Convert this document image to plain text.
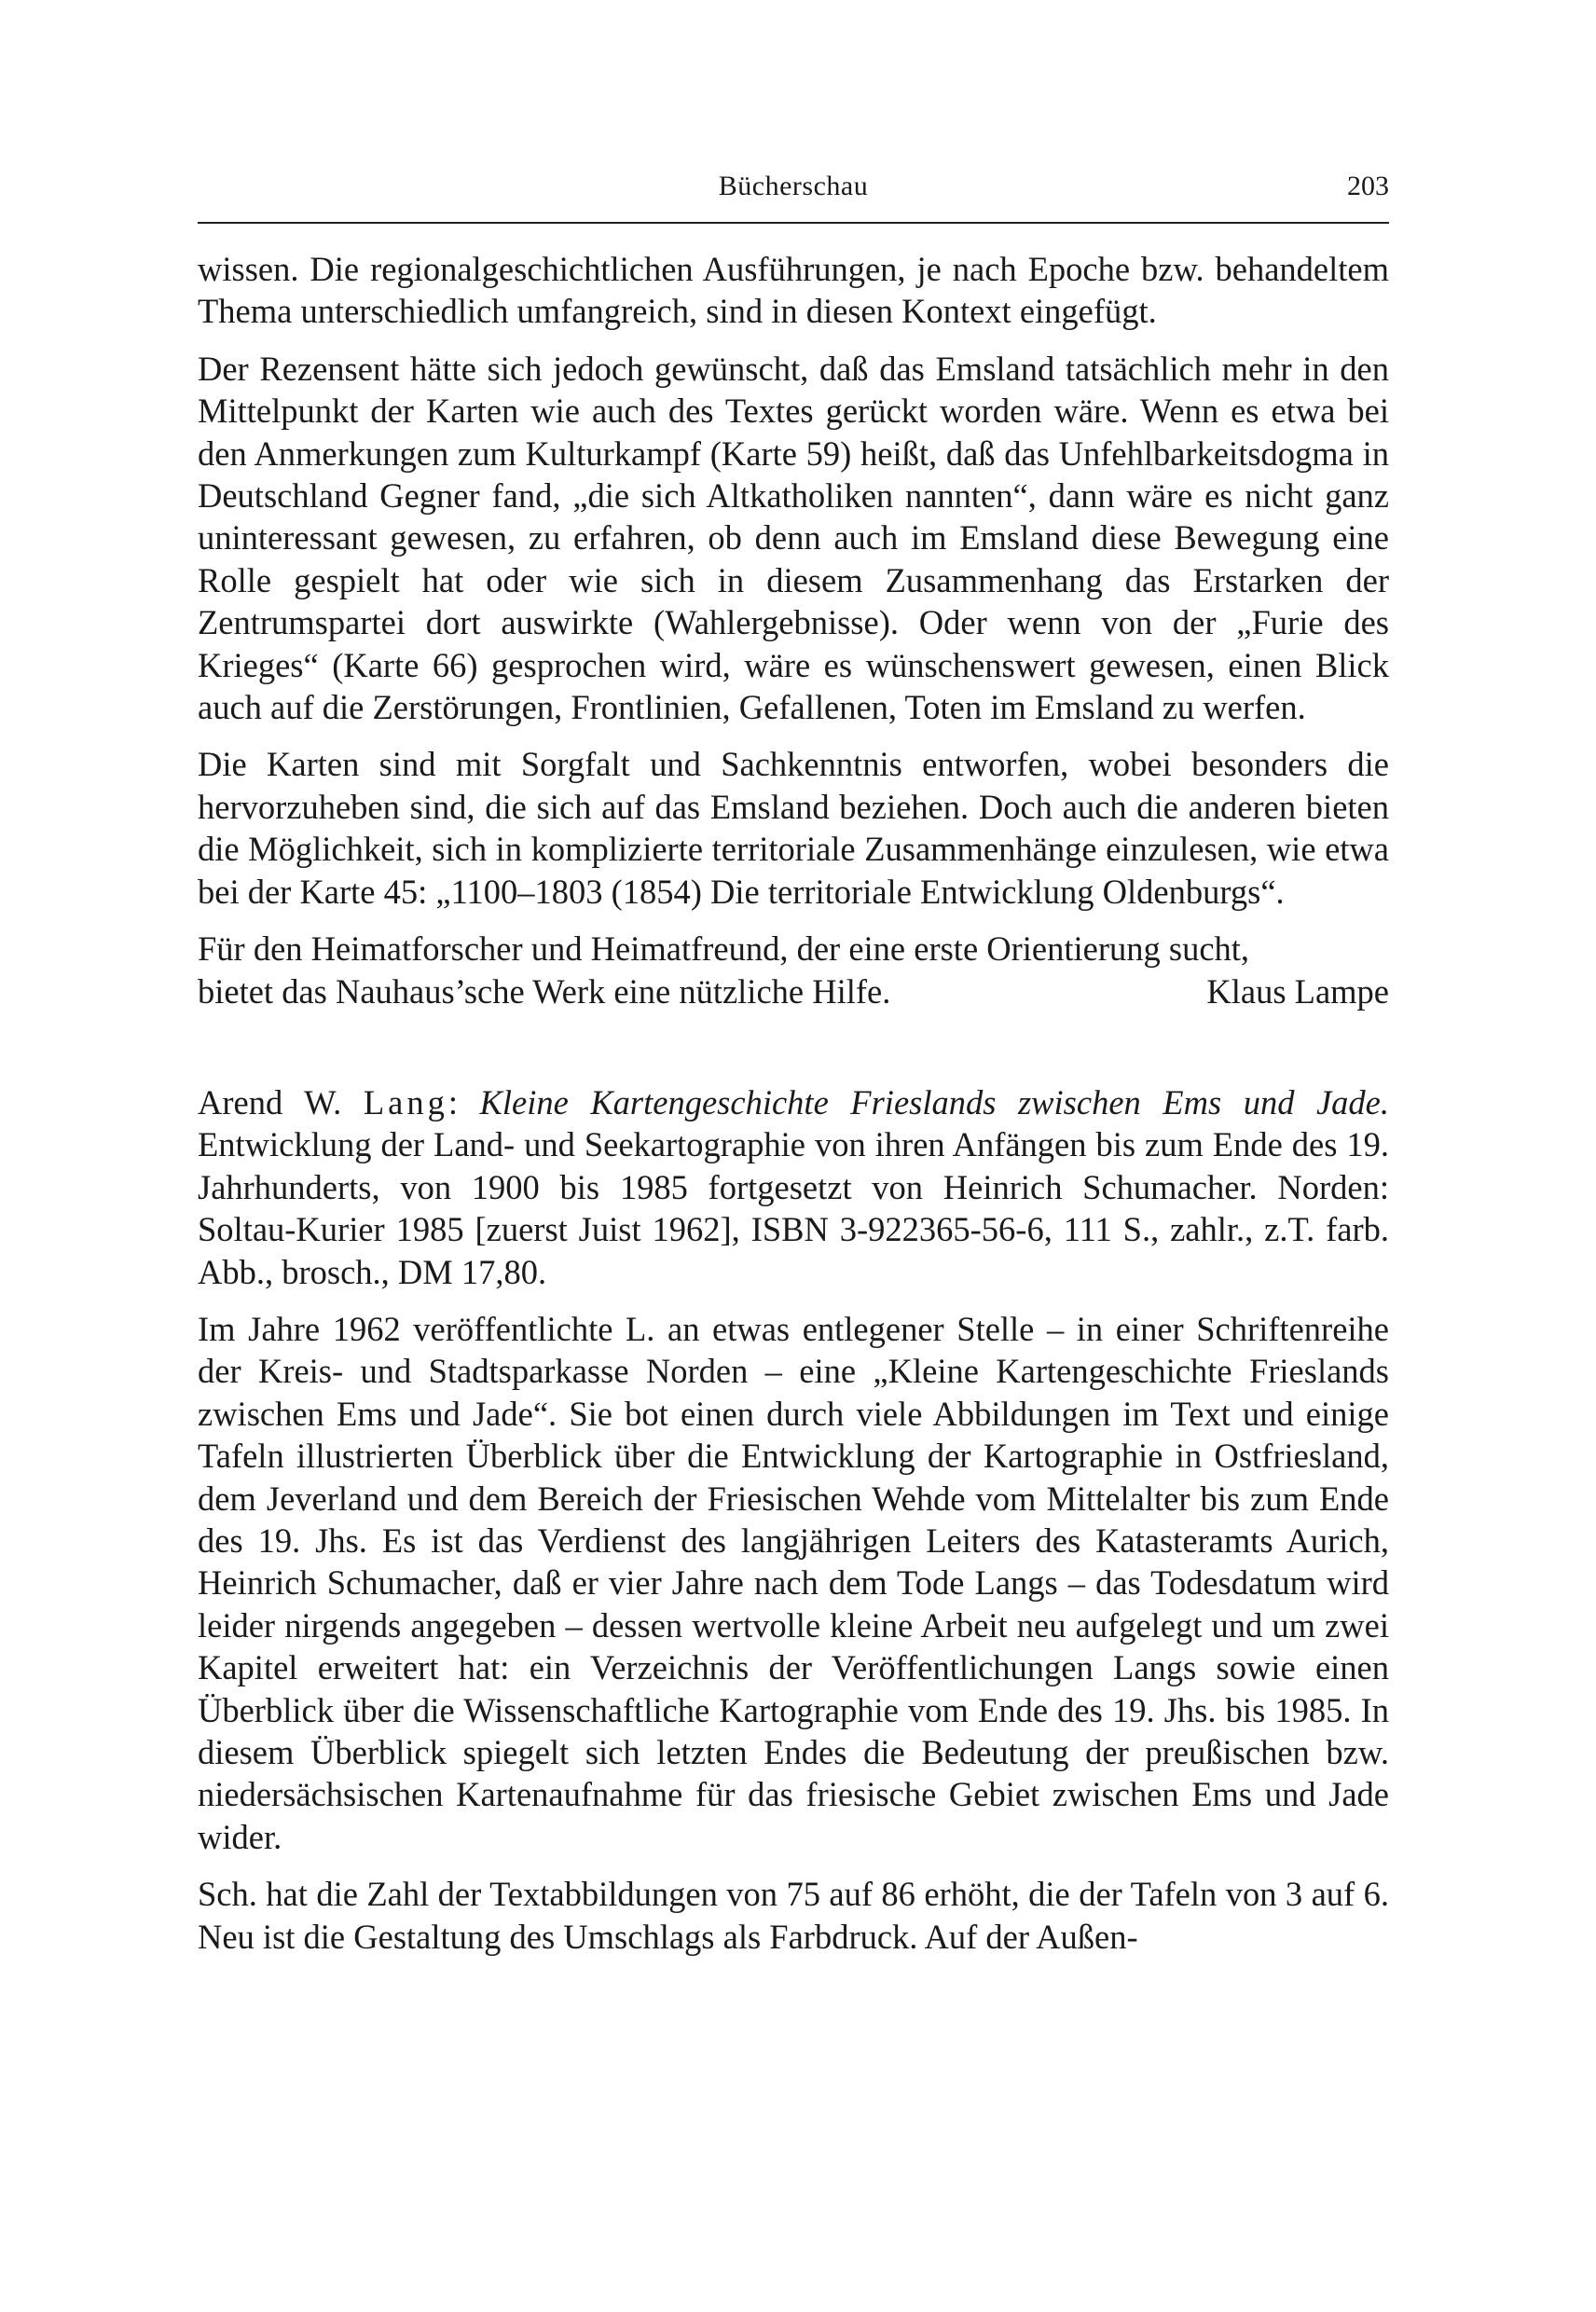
Bücherschau	203

wissen. Die regionalgeschichtlichen Ausführungen, je nach Epoche bzw. behandeltem Thema unterschiedlich umfangreich, sind in diesen Kontext eingefügt.

Der Rezensent hätte sich jedoch gewünscht, daß das Emsland tatsächlich mehr in den Mittelpunkt der Karten wie auch des Textes gerückt worden wäre. Wenn es etwa bei den Anmerkungen zum Kulturkampf (Karte 59) heißt, daß das Unfehlbarkeitsdogma in Deutschland Gegner fand, „die sich Altkatholiken nannten“, dann wäre es nicht ganz uninteressant gewesen, zu erfahren, ob denn auch im Emsland diese Bewegung eine Rolle gespielt hat oder wie sich in diesem Zusammenhang das Erstarken der Zentrumspartei dort auswirkte (Wahlergebnisse). Oder wenn von der „Furie des Krieges“ (Karte 66) gesprochen wird, wäre es wünschenswert gewesen, einen Blick auch auf die Zerstörungen, Frontlinien, Gefallenen, Toten im Emsland zu werfen.

Die Karten sind mit Sorgfalt und Sachkenntnis entworfen, wobei besonders die hervorzuheben sind, die sich auf das Emsland beziehen. Doch auch die anderen bieten die Möglichkeit, sich in komplizierte territoriale Zusammenhänge einzulesen, wie etwa bei der Karte 45: „1100–1803 (1854) Die territoriale Entwicklung Oldenburgs“.

Für den Heimatforscher und Heimatfreund, der eine erste Orientierung sucht,

bietet das Nauhaus’sche Werk eine nützliche Hilfe.	Klaus Lampe

Arend W. Lang: Kleine Kartengeschichte Frieslands zwischen Ems und Jade. Entwicklung der Land- und Seekartographie von ihren Anfängen bis zum Ende des 19. Jahrhunderts, von 1900 bis 1985 fortgesetzt von Heinrich Schumacher. Norden: Soltau-Kurier 1985 [zuerst Juist 1962], ISBN 3-922365-56-6, 111 S., zahlr., z.T. farb. Abb., brosch., DM 17,80.

Im Jahre 1962 veröffentlichte L. an etwas entlegener Stelle – in einer Schriftenreihe der Kreis- und Stadtsparkasse Norden – eine „Kleine Kartengeschichte Frieslands zwischen Ems und Jade“. Sie bot einen durch viele Abbildungen im Text und einige Tafeln illustrierten Überblick über die Entwicklung der Kartographie in Ostfriesland, dem Jeverland und dem Bereich der Friesischen Wehde vom Mittelalter bis zum Ende des 19. Jhs. Es ist das Verdienst des langjährigen Leiters des Katasteramts Aurich, Heinrich Schumacher, daß er vier Jahre nach dem Tode Langs – das Todesdatum wird leider nirgends angegeben – dessen wertvolle kleine Arbeit neu aufgelegt und um zwei Kapitel erweitert hat: ein Verzeichnis der Veröffentlichungen Langs sowie einen Überblick über die Wissenschaftliche Kartographie vom Ende des 19. Jhs. bis 1985. In diesem Überblick spiegelt sich letzten Endes die Bedeutung der preußischen bzw. niedersächsischen Kartenaufnahme für das friesische Gebiet zwischen Ems und Jade wider.

Sch. hat die Zahl der Textabbildungen von 75 auf 86 erhöht, die der Tafeln von 3 auf 6. Neu ist die Gestaltung des Umschlags als Farbdruck. Auf der Außen-
